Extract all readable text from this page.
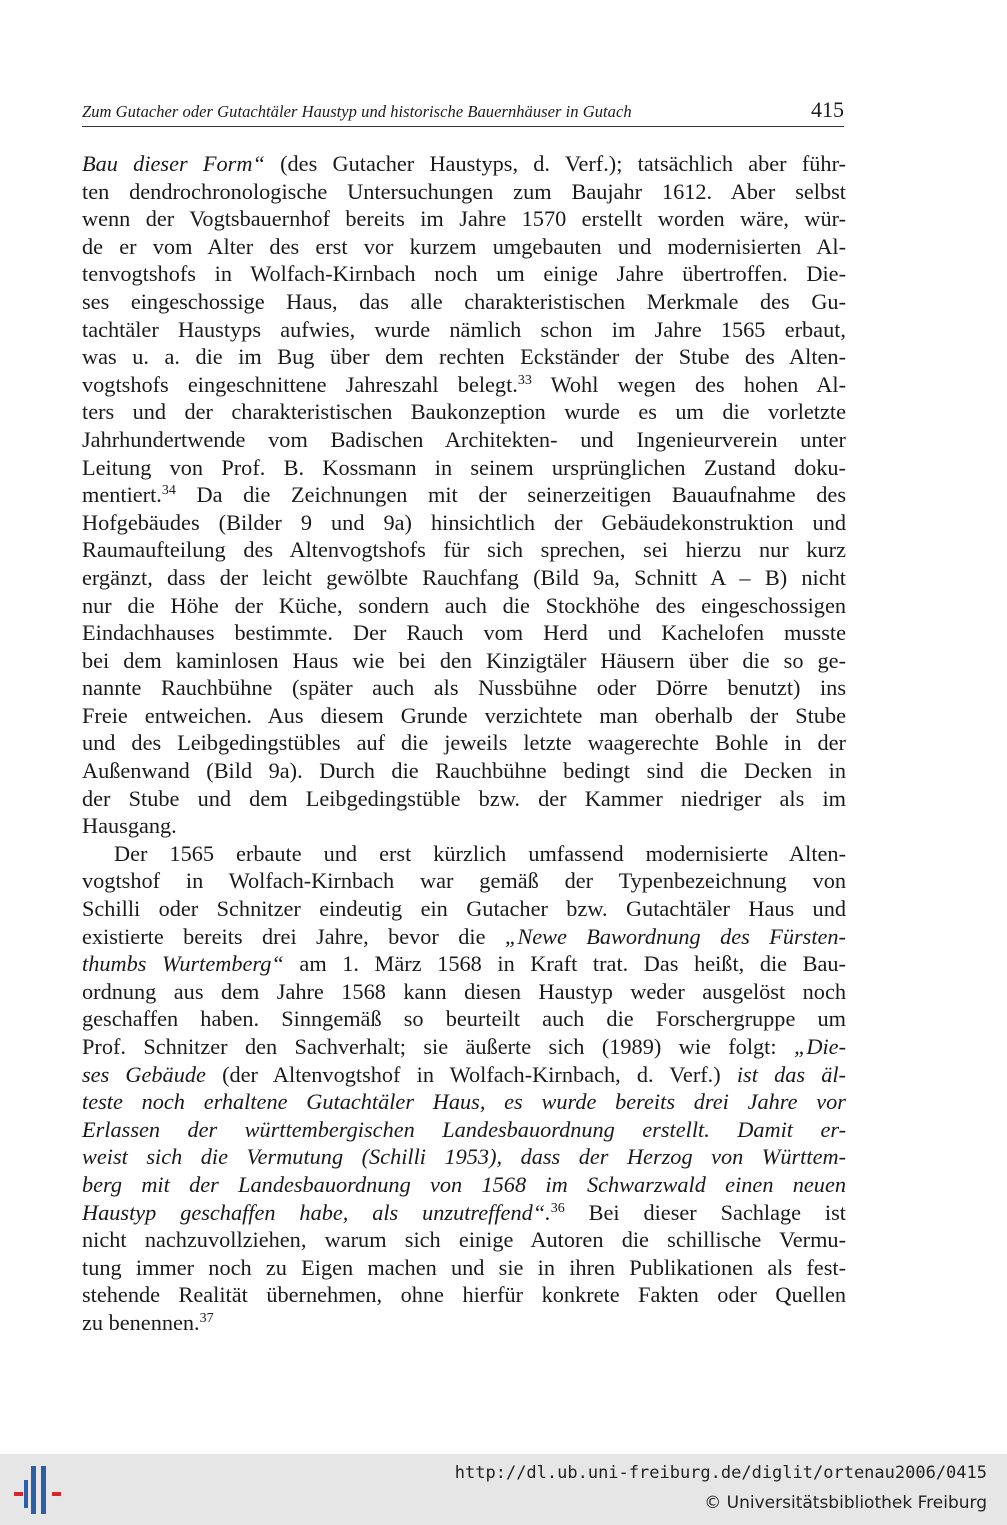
Zum Gutacher oder Gutachtäler Haustyp und historische Bauernhäuser in Gutach	415
Bau dieser Form“ (des Gutacher Haustyps, d. Verf.); tatsächlich aber führ-
ten dendrochronologische Untersuchungen zum Baujahr 1612. Aber selbst
wenn der Vogtsbauernhof bereits im Jahre 1570 erstellt worden wäre, wür-
de er vom Alter des erst vor kurzem umgebauten und modernisierten Al-
tenvogtshofs in Wolfach-Kirnbach noch um einige Jahre übertroffen. Die-
ses eingeschossige Haus, das alle charakteristischen Merkmale des Gu-
tachtäler Haustyps aufwies, wurde nämlich schon im Jahre 1565 erbaut,
was u. a. die im Bug über dem rechten Eckständer der Stube des Alten-
vogtshofs eingeschnittene Jahreszahl belegt.$^{33}$ Wohl wegen des hohen Al-
ters und der charakteristischen Baukonzeption wurde es um die vorletzte
Jahrhundertwende vom Badischen Architekten- und Ingenieurverein unter
Leitung von Prof. B. Kossmann in seinem ursprünglichen Zustand doku-
mentiert.$^{34}$ Da die Zeichnungen mit der seinerzeitigen Bauaufnahme des
Hofgebäudes (Bilder 9 und 9a) hinsichtlich der Gebäudekonstruktion und
Raumaufteilung des Altenvogtshofs für sich sprechen, sei hierzu nur kurz
ergänzt, dass der leicht gewölbte Rauchfang (Bild 9a, Schnitt A – B) nicht
nur die Höhe der Küche, sondern auch die Stockhöhe des eingeschossigen
Eindachhauses bestimmte. Der Rauch vom Herd und Kachelofen musste
bei dem kaminlosen Haus wie bei den Kinzigtäler Häusern über die so ge-
nannte Rauchbühne (später auch als Nussbühne oder Dörre benutzt) ins
Freie entweichen. Aus diesem Grunde verzichtete man oberhalb der Stube
und des Leibgedingstübles auf die jeweils letzte waagerechte Bohle in der
Außenwand (Bild 9a). Durch die Rauchbühne bedingt sind die Decken in
der Stube und dem Leibgedingstüble bzw. der Kammer niedriger als im
Hausgang.
Der 1565 erbaute und erst kürzlich umfassend modernisierte Alten-
vogtshof in Wolfach-Kirnbach war gemäß der Typenbezeichnung von
Schilli oder Schnitzer eindeutig ein Gutacher bzw. Gutachtäler Haus und
existierte bereits drei Jahre, bevor die „Newe Bawordnung des Fürsten-
thumbs Wurtemberg“ am 1. März 1568 in Kraft trat. Das heißt, die Bau-
ordnung aus dem Jahre 1568 kann diesen Haustyp weder ausgelöst noch
geschaffen haben. Sinngemäß so beurteilt auch die Forschergruppe um
Prof. Schnitzer den Sachverhalt; sie äußerte sich (1989) wie folgt: „Die-
ses Gebäude (der Altenvogtshof in Wolfach-Kirnbach, d. Verf.) ist das äl-
teste noch erhaltene Gutachtäler Haus, es wurde bereits drei Jahre vor
Erlassen der württembergischen Landesbauordnung erstellt. Damit er-
weist sich die Vermutung (Schilli 1953), dass der Herzog von Württem-
berg mit der Landesbauordnung von 1568 im Schwarzwald einen neuen
Haustyp geschaffen habe, als unzutreffend“.$^{36}$ Bei dieser Sachlage ist
nicht nachzuvollziehen, warum sich einige Autoren die schillische Vermu-
tung immer noch zu Eigen machen und sie in ihren Publikationen als fest-
stehende Realität übernehmen, ohne hierfür konkrete Fakten oder Quellen
zu benennen.$^{37}$
http://dl.ub.uni-freiburg.de/diglit/ortenau2006/0415
© Universitätsbibliothek Freiburg
